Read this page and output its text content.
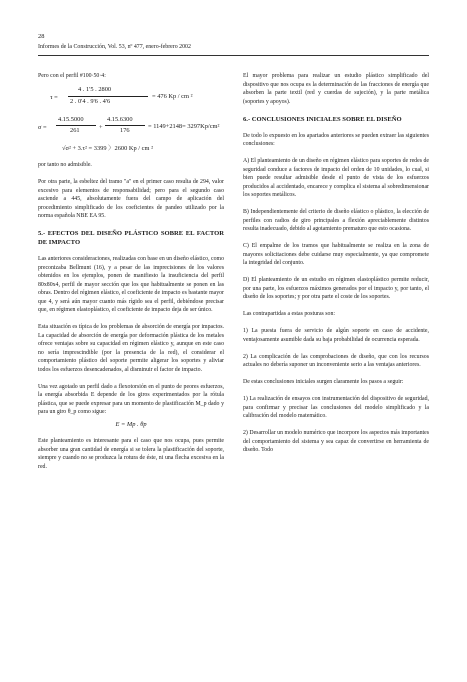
28
Informes de la Construcción, Vol. 53, nº 477, enero-febrero 2002

Pero con el perfil #100·50·4:

τ =
4 . 1'5 . 2800
2 . 0'4 . 9'6 . 4'6
= 476 Kp / cm ²
σ =
4.15.5000
261	+
4.15.6300
176
= 1149+2148= 3297Kp/cm²

√σ² + 3.τ² = 3399 〉2600 Kp / cm ²

por tanto no admisible.

Por otra parte, la esbeltez del tramo "a" en el primer caso resulta de 294, valor excesivo para elementos de responsabilidad; pero para el segundo caso asciende a 445, absolutamente fuera del campo de aplicación del procedimiento simplificado de los coeficientes de pandeo utilizado por la norma española NBE EA 95.

5.- EFECTOS DEL DISEÑO PLÁSTICO SOBRE EL FACTOR DE IMPACTO

Las anteriores consideraciones, realizadas con base en un diseño elástico, como preconizaba Bellmunt (16), y a pesar de las imprecisiones de los valores obtenidos en los ejemplos, ponen de manifiesto la insuficiencia del perfil 80x80x4, perfil de mayor sección que los que habitualmente se ponen en las obras. Dentro del régimen elástico, el coeficiente de impacto es bastante mayor que 4, y será aún mayor cuanto más rígido sea el perfil, debiéndose precisar que, en régimen elastoplástico, el coeficiente de impacto deja de ser único.

Esta situación es típica de los problemas de absorción de energía por impactos. La capacidad de absorción de energía por deformación plástica de los metales ofrece ventajas sobre su capacidad en régimen elástico y, aunque en este caso no sería imprescindible (por la presencia de la red), el considerar el comportamiento plástico del soporte permite aligerar los soportes y aliviar todos los esfuerzos desencadenados, al disminuir el factor de impacto.

Una vez agotado un perfil dado a flexotorsión en el punto de peores esfuerzos, la energía absorbida E depende de los giros experimentados por la rótula plástica, que se puede expresar para un momento de plastificación M_p dado y para un giro θ_p como sigue:

E = Mp . θp

Este planteamiento es interesante para el caso que nos ocupa, pues permite absorber una gran cantidad de energía si se tolera la plastificación del soporte, siempre y cuando no se produzca la rotura de éste, ni una flecha excesiva en la red.

El mayor problema para realizar un estudio plástico simplificado del dispositivo que nos ocupa es la determinación de las fracciones de energía que absorben la parte textil (red y cuerdas de sujeción), y la parte metálica (soportes y apoyos).

6.- CONCLUSIONES INICIALES SOBRE EL DISEÑO

De todo lo expuesto en los apartados anteriores se pueden extraer las siguientes conclusiones:

A) El planteamiento de un diseño en régimen elástico para soportes de redes de seguridad conduce a factores de impacto del orden de 10 unidades, lo cual, si bien puede resultar admisible desde el punto de vista de los esfuerzos producidos al accidentado, encarece y complica el sistema al sobredimensionar los soportes metálicos.

B) Independientemente del criterio de diseño elástico o plástico, la elección de perfiles con radios de giro principales a flexión apreciablemente distintos resulta inadecuado, debido al agotamiento prematuro que esto ocasiona.

C) El empalme de los tramos que habitualmente se realiza en la zona de mayores solicitaciones debe cuidarse muy especialmente, ya que compromete la integridad del conjunto.

D) El planteamiento de un estudio en régimen elastoplástico permite reducir, por una parte, los esfuerzos máximos generados por el impacto y, por tanto, el diseño de los soportes; y por otra parte el coste de los soportes.

Las contrapartidas a estas posturas son:

1) La puesta fuera de servicio de algún soporte en caso de accidente, ventajosamente asumible dada su baja probabilidad de ocurrencia esperada.

2) La complicación de las comprobaciones de diseño, que con los recursos actuales no debería suponer un inconveniente serio a las ventajas anteriores.

De estas conclusiones iniciales surgen claramente los pasos a seguir:

1) La realización de ensayos con instrumentación del dispositivo de seguridad, para confirmar y precisar las conclusiones del modelo simplificado y la calibración del modelo matemático.

2) Desarrollar un modelo numérico que incorpore los aspectos más importantes del comportamiento del sistema y sea capaz de convertirse en herramienta de diseño. Todo
